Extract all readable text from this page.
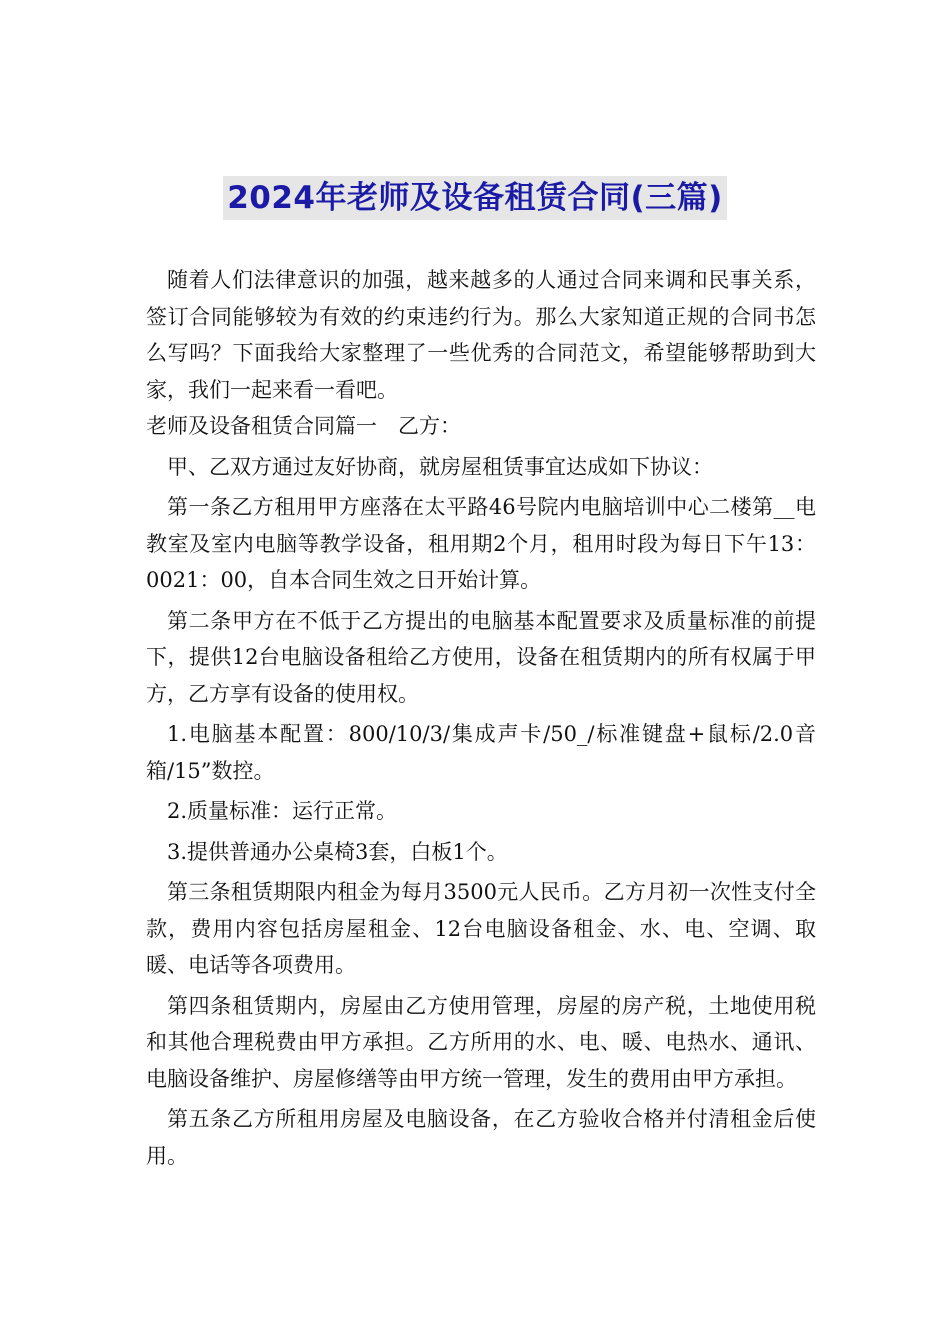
2024年老师及设备租赁合同(三篇)

随着人们法律意识的加强，越来越多的人通过合同来调和民事关系，签订合同能够较为有效的约束违约行为。那么大家知道正规的合同书怎么写吗？下面我给大家整理了一些优秀的合同范文，希望能够帮助到大家，我们一起来看一看吧。

老师及设备租赁合同篇一　乙方：

甲、乙双方通过友好协商，就房屋租赁事宜达成如下协议：

第一条乙方租用甲方座落在太平路46号院内电脑培训中心二楼第__电教室及室内电脑等教学设备，租用期2个月，租用时段为每日下午13：0021：00，自本合同生效之日开始计算。

第二条甲方在不低于乙方提出的电脑基本配置要求及质量标准的前提下，提供12台电脑设备租给乙方使用，设备在租赁期内的所有权属于甲方，乙方享有设备的使用权。

1.电脑基本配置：800/10/3/集成声卡/50_/标准键盘+鼠标/2.0音箱/15”数控。

2.质量标准：运行正常。

3.提供普通办公桌椅3套，白板1个。

第三条租赁期限内租金为每月3500元人民币。乙方月初一次性支付全款，费用内容包括房屋租金、12台电脑设备租金、水、电、空调、取暖、电话等各项费用。

第四条租赁期内，房屋由乙方使用管理，房屋的房产税，土地使用税和其他合理税费由甲方承担。乙方所用的水、电、暖、电热水、通讯、电脑设备维护、房屋修缮等由甲方统一管理，发生的费用由甲方承担。

第五条乙方所租用房屋及电脑设备，在乙方验收合格并付清租金后使用。
